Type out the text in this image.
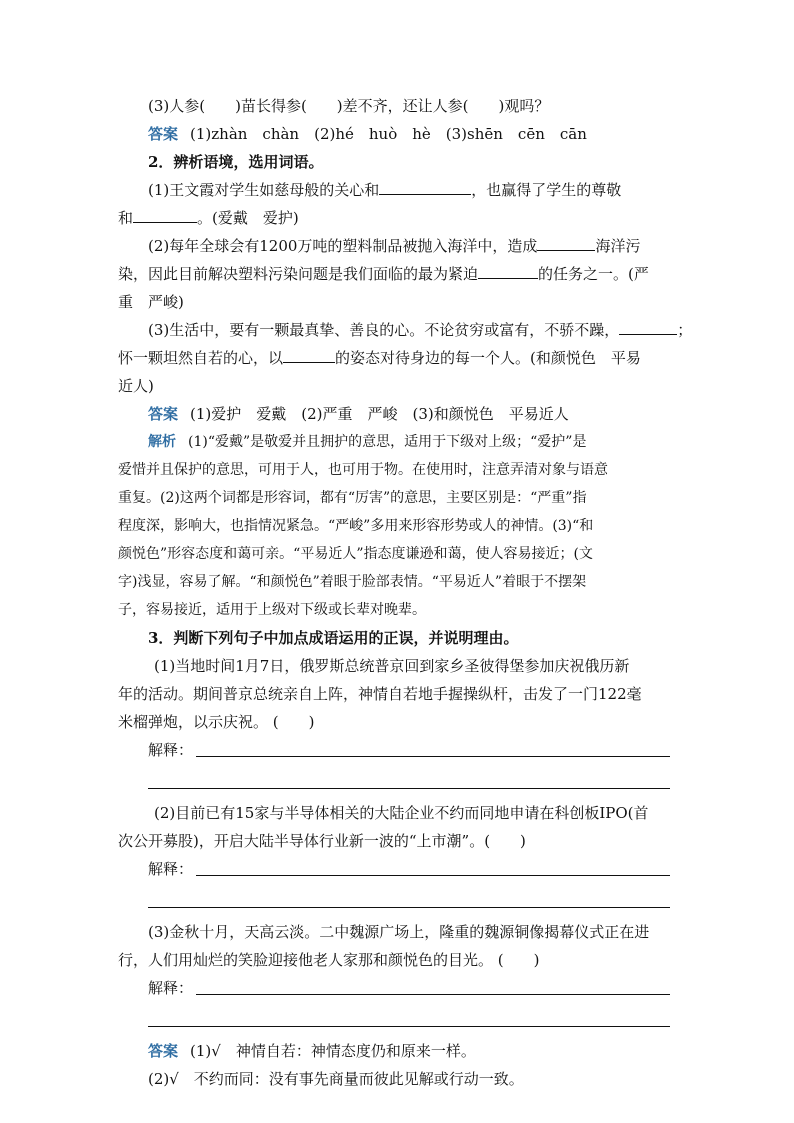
(3)人参(　　)苗长得参(　　)差不齐，还让人参(　　)观吗？
答案 (1)zhàn　chàn　(2)hé　huò　hè　(3)shēn　cēn　cān
2．辨析语境，选用词语。
(1)王文霞对学生如慈母般的关心和	，也赢得了学生的尊敬
和	。(爱戴　爱护)
(2)每年全球会有1200万吨的塑料制品被抛入海洋中，造成	海洋污
染，因此目前解决塑料污染问题是我们面临的最为紧迫	的任务之一。(严
重　严峻)
(3)生活中，要有一颗最真挚、善良的心。不论贫穷或富有，不骄不躁，	；
怀一颗坦然自若的心，以	的姿态对待身边的每一个人。(和颜悦色　平易
近人)
答案 (1)爱护　爱戴　(2)严重　严峻　(3)和颜悦色　平易近人
解析 (1)“爱戴”是敬爱并且拥护的意思，适用于下级对上级；“爱护”是
爱惜并且保护的意思，可用于人，也可用于物。在使用时，注意弄清对象与语意
重复。(2)这两个词都是形容词，都有“厉害”的意思，主要区别是：“严重”指
程度深，影响大，也指情况紧急。“严峻”多用来形容形势或人的神情。(3)“和
颜悦色”形容态度和蔼可亲。“平易近人”指态度谦逊和蔼，使人容易接近；(文
字)浅显，容易了解。“和颜悦色”着眼于脸部表情。“平易近人”着眼于不摆架
子，容易接近，适用于上级对下级或长辈对晚辈。
3．判断下列句子中加点成语运用的正误，并说明理由。
(1)当地时间1月7日，俄罗斯总统普京回到家乡圣彼得堡参加庆祝俄历新
年的活动。期间普京总统亲自上阵，神情自若地手握操纵杆，击发了一门122毫
米榴弹炮，以示庆祝。 (　　)
解释：
(2)目前已有15家与半导体相关的大陆企业不约而同地申请在科创板IPO(首
次公开募股)，开启大陆半导体行业新一波的“上市潮”。(　　)
解释：
(3)金秋十月，天高云淡。二中魏源广场上，隆重的魏源铜像揭幕仪式正在进
行，人们用灿烂的笑脸迎接他老人家那和颜悦色的目光。 (　　)
解释：
答案 (1)√　神情自若：神情态度仍和原来一样。
(2)√　不约而同：没有事先商量而彼此见解或行动一致。
